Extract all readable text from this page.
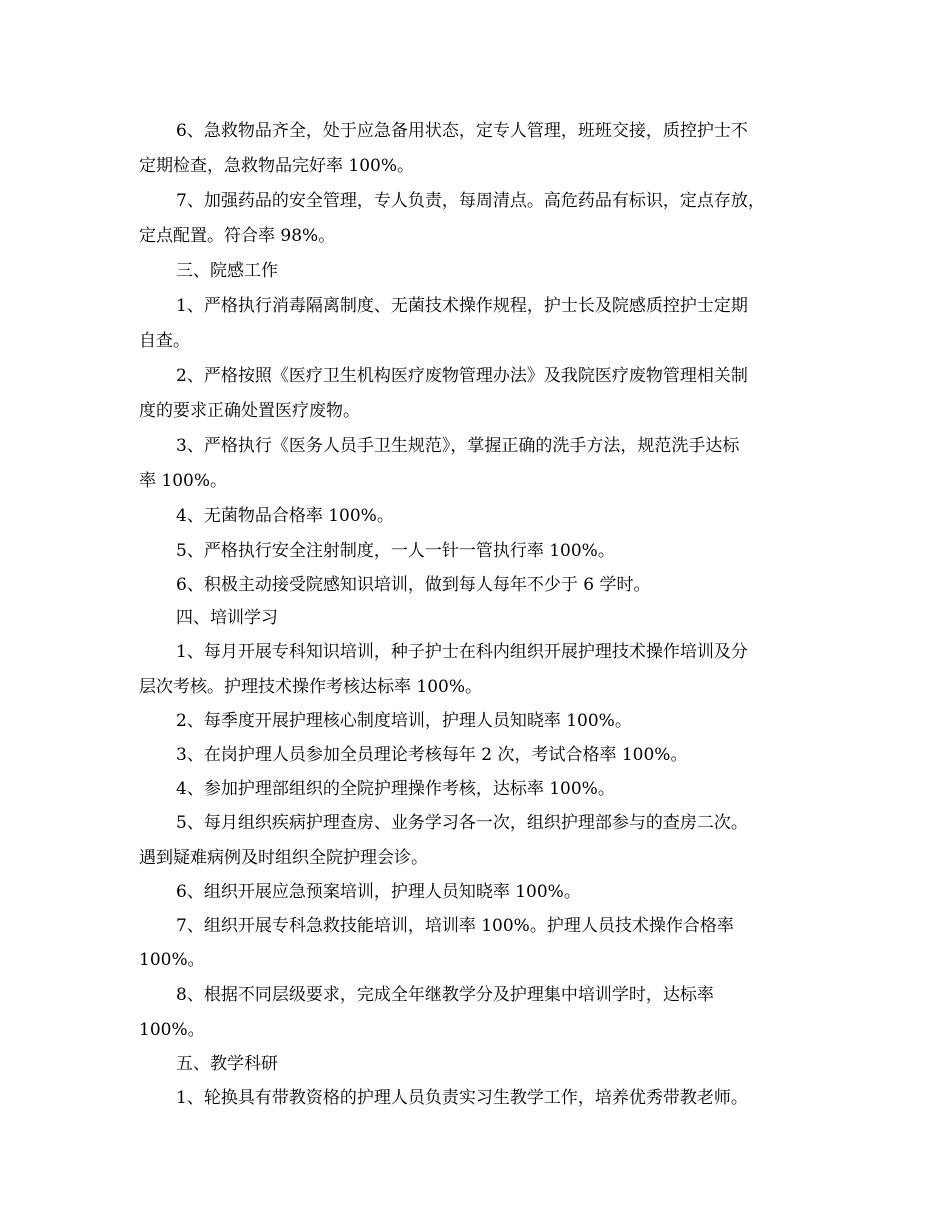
6、急救物品齐全，处于应急备用状态，定专人管理，班班交接，质控护士不
定期检查，急救物品完好率 100%。
7、加强药品的安全管理，专人负责，每周清点。高危药品有标识，定点存放，
定点配置。符合率 98%。
三、院感工作
1、严格执行消毒隔离制度、无菌技术操作规程，护士长及院感质控护士定期
自查。
2、严格按照《医疗卫生机构医疗废物管理办法》及我院医疗废物管理相关制
度的要求正确处置医疗废物。
3、严格执行《医务人员手卫生规范》，掌握正确的洗手方法，规范洗手达标
率 100%。
4、无菌物品合格率 100%。
5、严格执行安全注射制度，一人一针一管执行率 100%。
6、积极主动接受院感知识培训，做到每人每年不少于 6 学时。
四、培训学习
1、每月开展专科知识培训，种子护士在科内组织开展护理技术操作培训及分
层次考核。护理技术操作考核达标率 100%。
2、每季度开展护理核心制度培训，护理人员知晓率 100%。
3、在岗护理人员参加全员理论考核每年 2 次，考试合格率 100%。
4、参加护理部组织的全院护理操作考核，达标率 100%。
5、每月组织疾病护理查房、业务学习各一次，组织护理部参与的查房二次。
遇到疑难病例及时组织全院护理会诊。
6、组织开展应急预案培训，护理人员知晓率 100%。
7、组织开展专科急救技能培训，培训率 100%。护理人员技术操作合格率
100%。
8、根据不同层级要求，完成全年继教学分及护理集中培训学时，达标率
100%。
五、教学科研
1、轮换具有带教资格的护理人员负责实习生教学工作，培养优秀带教老师。
